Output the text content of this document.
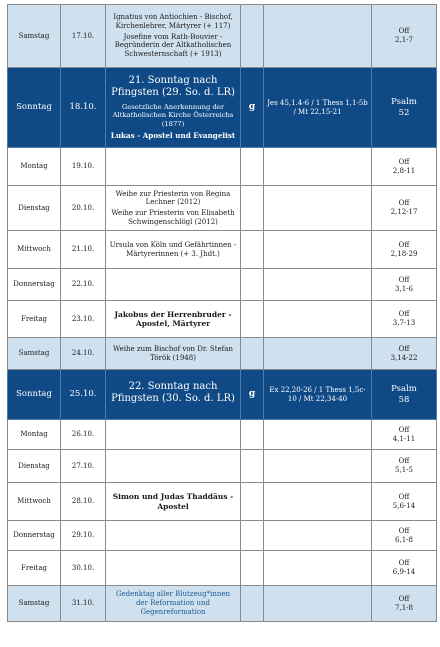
Samstag	17.10.	Ignatius von Antiochien - Bischof, Kirchenlehrer, Märtyrer (+ 117)
Josefine vom Rath-Bouvier - Begründerin der Altkatholischen Schwesternschaft (+ 1913)			Off
2,1-7
Sonntag	18.10.	21. Sonntag nach Pfingsten (29. So. d. LR)
Gesetzliche Anerkennung der Altkatholischen Kirche Österreichs (1877)
Lukas - Apostel und Evangelist	g	Jes 45,1.4-6 / 1 Thess 1,1-5b / Mt 22,15-21	Psalm
52
Montag	19.10.				Off
2,8-11
Dienstag	20.10.	Weihe zur Priesterin von Regina Lechner (2012)
Weihe zur Priesterin von Elisabeth Schwingenschlögl (2012)			Off
2,12-17
Mittwoch	21.10.	Ursula von Köln und Gefährtinnen - Märtyrerinnen (+ 3. Jhdt.)			Off
2,18-29
Donnerstag	22.10.				Off
3,1-6
Freitag	23.10.	Jakobus der Herrenbruder - Apostel, Märtyrer			Off
3,7-13
Samstag	24.10.	Weihe zum Bischof von Dr. Stefan Török (1948)			Off
3,14-22
Sonntag	25.10.	22. Sonntag nach Pfingsten (30. So. d. LR)	g	Ex 22,20-26 / 1 Thess 1,5c-10 / Mt 22,34-40	Psalm
58
Montag	26.10.				Off
4,1-11
Dienstag	27.10.				Off
5,1-5
Mittwoch	28.10.	Simon und Judas Thaddäus - Apostel			Off
5,6-14
Donnerstag	29.10.				Off
6,1-8
Freitag	30.10.				Off
6,9-14
Samstag	31.10.	Gedenktag aller Blutzeug*innen der Reformation und Gegenreformation			Off
7,1-8
